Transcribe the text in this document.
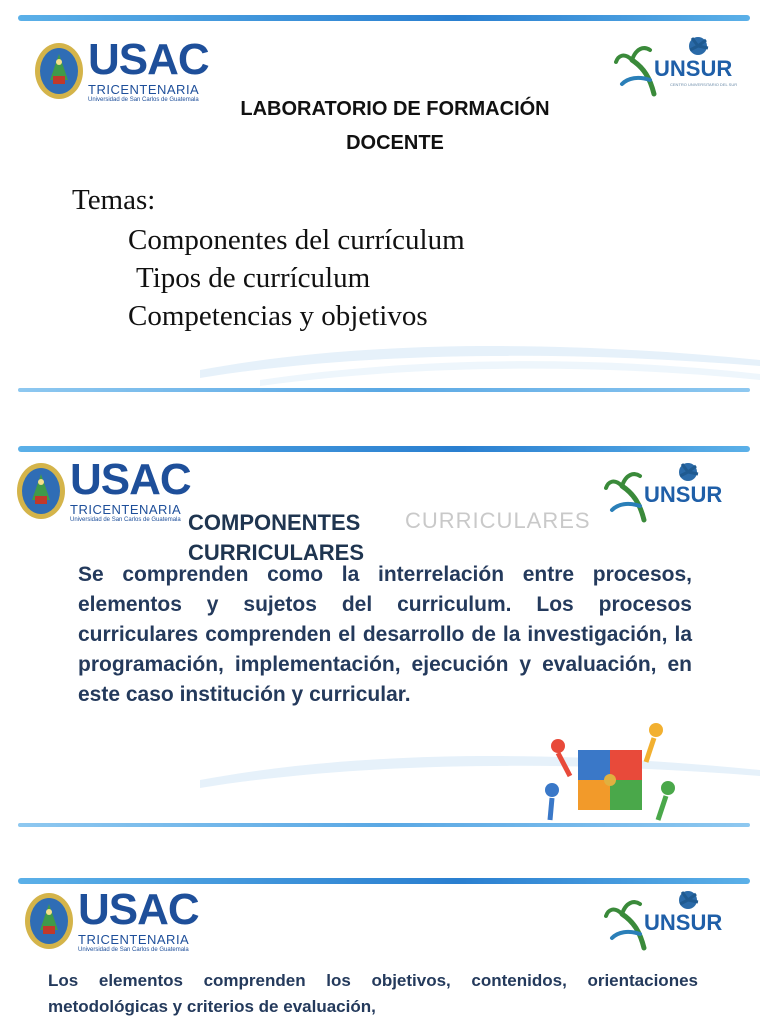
USAC
TRICENTENARIA
Universidad de San Carlos de Guatemala
UNSUR
CENTRO UNIVERSITARIO DEL SUR
LABORATORIO DE FORMACIÓN
DOCENTE
Temas:
Componentes del currículum
Tipos de currículum
Competencias y objetivos
USAC
TRICENTENARIA
Universidad de San Carlos de Guatemala
UNSUR
CURRICULARES
COMPONENTES CURRICULARES
Se comprenden como la interrelación entre procesos, elementos y sujetos del curriculum. Los procesos curriculares comprenden el desarrollo de la investigación, la programación, implementación, ejecución y evaluación, en este caso institución y curricular.
USAC
TRICENTENARIA
Universidad de San Carlos de Guatemala
UNSUR
Los elementos comprenden los objetivos, contenidos, orientaciones metodológicas y criterios de evaluación,
